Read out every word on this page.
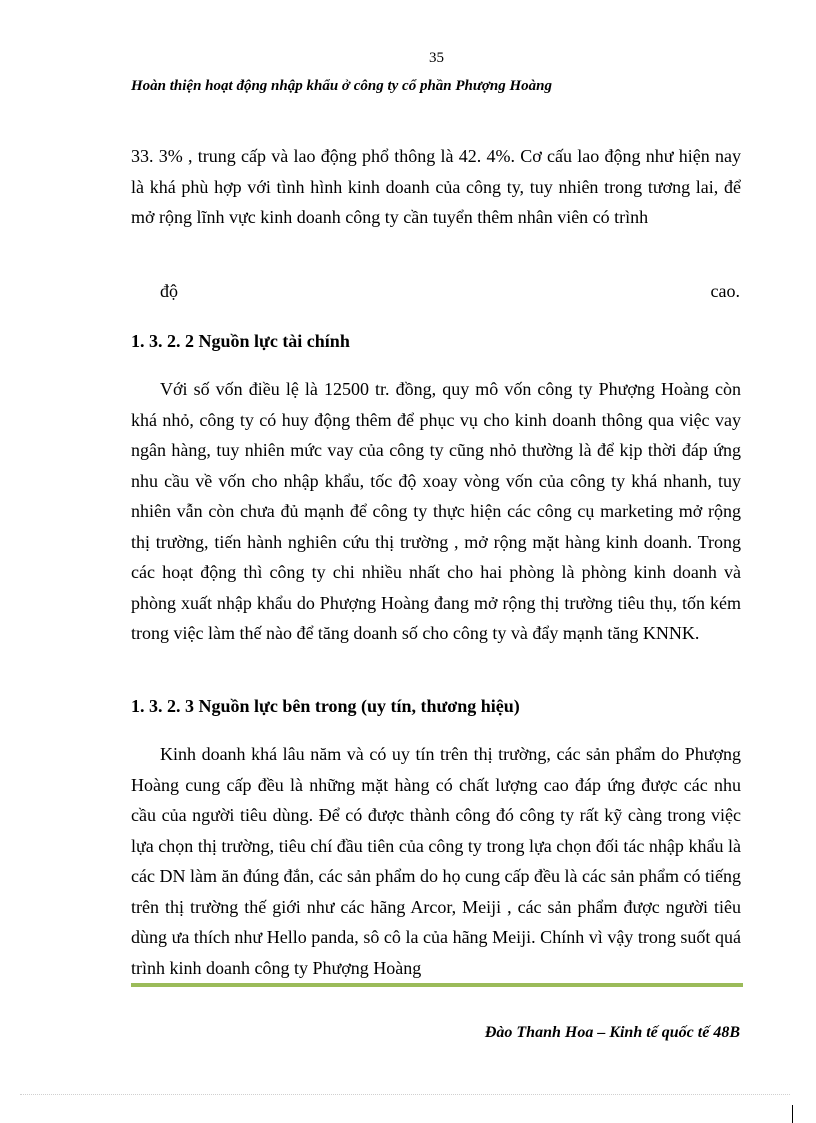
35
Hoàn thiện hoạt động nhập khẩu ở công ty cổ phần Phượng Hoàng
33. 3% , trung cấp và lao động phổ thông là 42. 4%. Cơ cấu lao động như hiện nay là khá phù hợp với tình hình kinh doanh của công ty, tuy nhiên trong tương lai, để mở rộng lĩnh vực kinh doanh công ty cần tuyển thêm nhân viên có trình
độ	cao.
1. 3. 2. 2 Nguồn lực tài chính
Với số vốn điều lệ là 12500 tr. đồng, quy mô vốn công ty Phượng Hoàng còn khá nhỏ, công ty có huy động thêm để phục vụ cho kinh doanh thông qua việc vay ngân hàng, tuy nhiên mức vay của công ty cũng nhỏ thường là để kịp thời đáp ứng nhu cầu về vốn cho nhập khẩu, tốc độ xoay vòng vốn của công ty khá nhanh, tuy nhiên vẫn còn chưa đủ mạnh để công ty thực hiện các công cụ marketing mở rộng thị trường, tiến hành nghiên cứu thị trường , mở rộng mặt hàng kinh doanh. Trong các hoạt động thì công ty chi nhiều nhất cho hai phòng là phòng kinh doanh và phòng xuất nhập khẩu do Phượng Hoàng đang mở rộng thị trường tiêu thụ, tốn kém trong việc làm thế nào để tăng doanh số cho công ty và đẩy mạnh tăng KNNK.
1. 3. 2. 3 Nguồn lực bên trong (uy tín, thương hiệu)
Kinh doanh khá lâu năm và có uy tín trên thị trường, các sản phẩm do Phượng Hoàng cung cấp đều là những mặt hàng có chất lượng cao đáp ứng được các nhu cầu của người tiêu dùng. Để có được thành công đó công ty rất kỹ càng trong việc lựa chọn thị trường, tiêu chí đầu tiên của công ty trong lựa chọn đối tác nhập khẩu là các DN làm ăn đúng đắn, các sản phẩm do họ cung cấp đều là các sản phẩm có tiếng trên thị trường thế giới như các hãng Arcor, Meiji , các sản phẩm được người tiêu dùng ưa thích như Hello panda, sô cô la của hãng Meiji. Chính vì vậy trong suốt quá trình kinh doanh công ty Phượng Hoàng
Đào Thanh Hoa – Kinh tế quốc tế 48B
